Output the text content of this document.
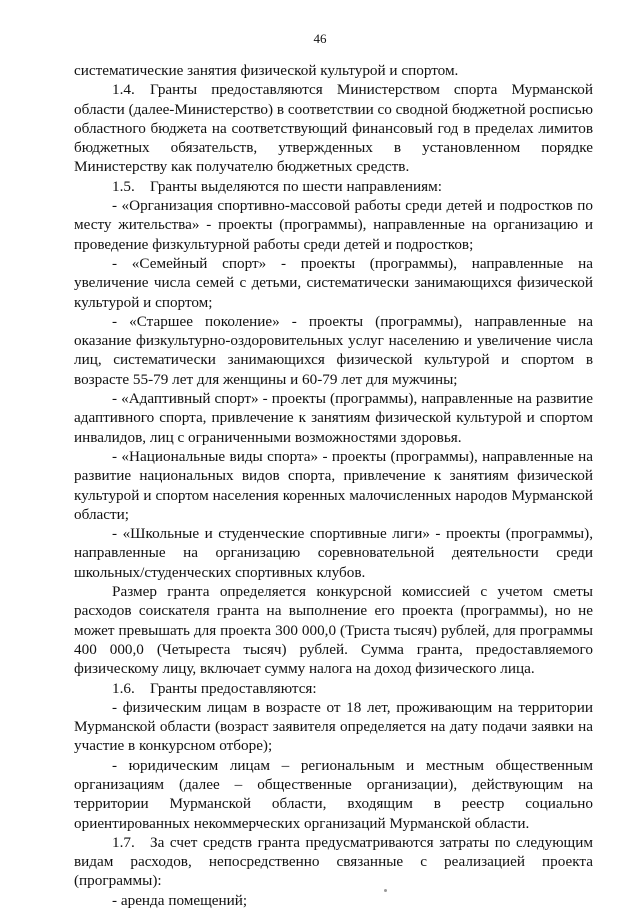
46

систематические занятия физической культурой и спортом.

1.4. Гранты предоставляются Министерством спорта Мурманской области (далее-Министерство) в соответствии со сводной бюджетной росписью областного бюджета на соответствующий финансовый год в пределах лимитов бюджетных обязательств, утвержденных в установленном порядке Министерству как получателю бюджетных средств.

1.5. Гранты выделяются по шести направлениям:

- «Организация спортивно-массовой работы среди детей и подростков по месту жительства» - проекты (программы), направленные на организацию и проведение физкультурной работы среди детей и подростков;

- «Семейный спорт» - проекты (программы), направленные на увеличение числа семей с детьми, систематически занимающихся физической культурой и спортом;

- «Старшее поколение» - проекты (программы), направленные на оказание физкультурно-оздоровительных услуг населению и увеличение числа лиц, систематически занимающихся физической культурой и спортом в возрасте 55-79 лет для женщины и 60-79 лет для мужчины;

- «Адаптивный спорт» - проекты (программы), направленные на развитие адаптивного спорта, привлечение к занятиям физической культурой и спортом инвалидов, лиц с ограниченными возможностями здоровья.

- «Национальные виды спорта» - проекты (программы), направленные на развитие национальных видов спорта, привлечение к занятиям физической культурой и спортом населения коренных малочисленных народов Мурманской области;

- «Школьные и студенческие спортивные лиги» - проекты (программы), направленные на организацию соревновательной деятельности среди школьных/студенческих спортивных клубов.

Размер гранта определяется конкурсной комиссией с учетом сметы расходов соискателя гранта на выполнение его проекта (программы), но не может превышать для проекта 300 000,0 (Триста тысяч) рублей, для программы 400 000,0 (Четыреста тысяч) рублей. Сумма гранта, предоставляемого физическому лицу, включает сумму налога на доход физического лица.

1.6. Гранты предоставляются:

- физическим лицам в возрасте от 18 лет, проживающим на территории Мурманской области (возраст заявителя определяется на дату подачи заявки на участие в конкурсном отборе);

- юридическим лицам – региональным и местным общественным организациям (далее – общественные организации), действующим на территории Мурманской области, входящим в реестр социально ориентированных некоммерческих организаций Мурманской области.

1.7. За счет средств гранта предусматриваются затраты по следующим видам расходов, непосредственно связанные с реализацией проекта (программы):

- аренда помещений;
